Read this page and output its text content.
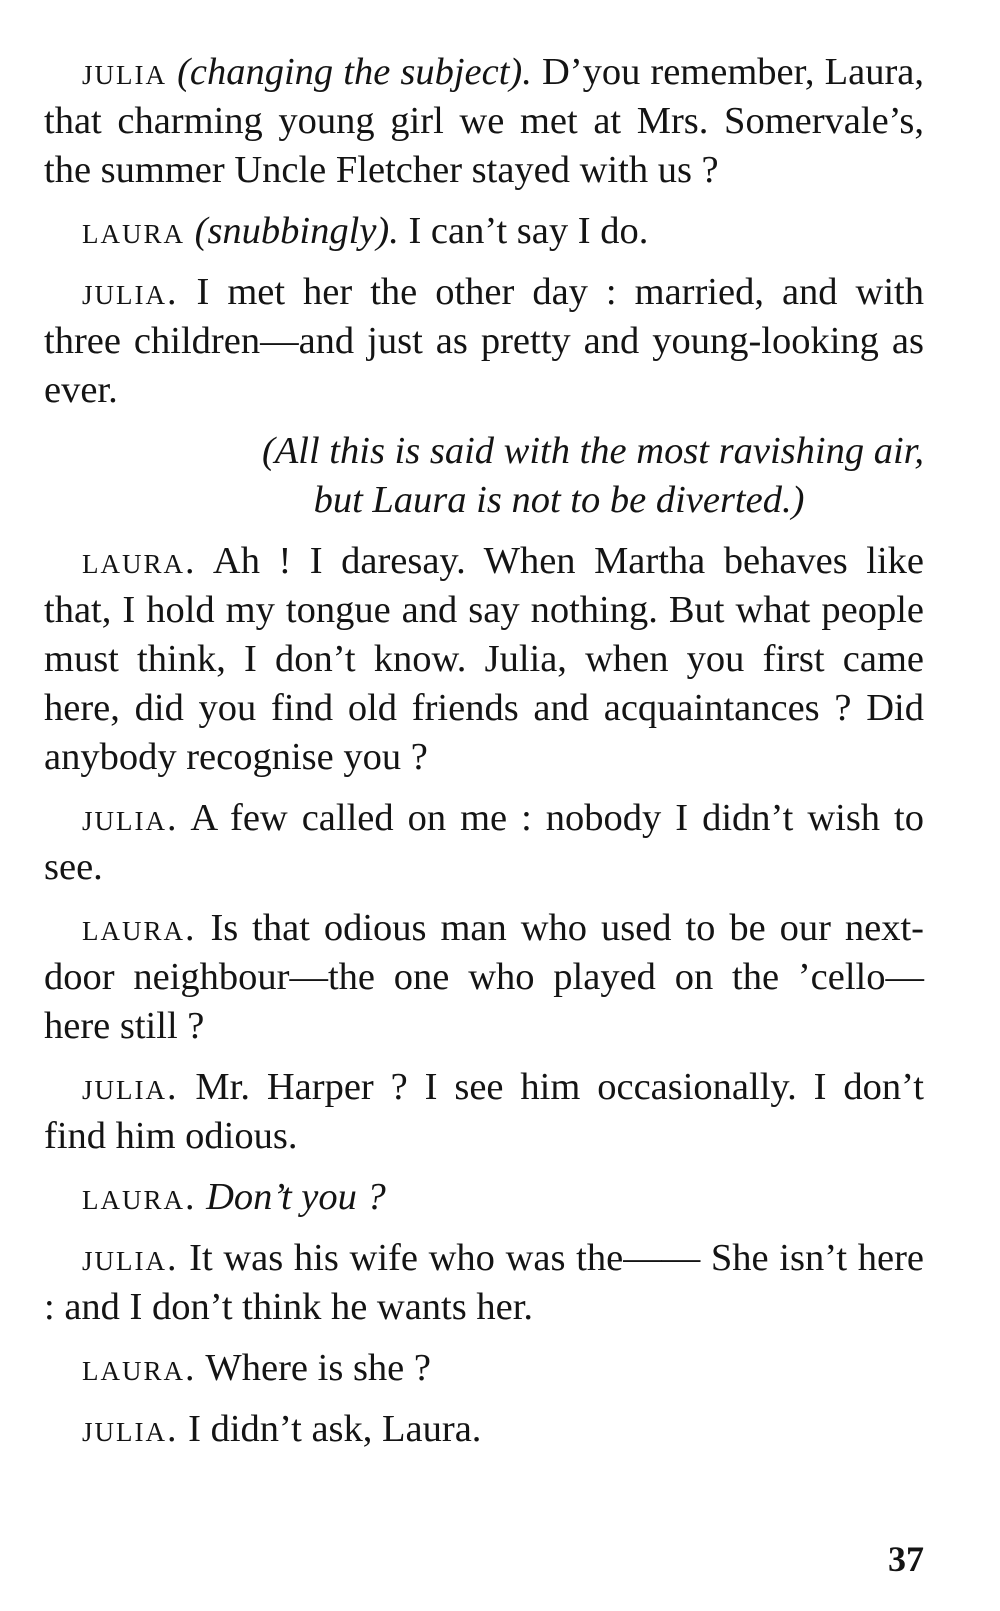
julia (changing the subject). D’you remember, Laura, that charming young girl we met at Mrs. Somervale’s, the summer Uncle Fletcher stayed with us ?

laura (snubbingly). I can’t say I do.

julia. I met her the other day : married, and with three children—and just as pretty and young-looking as ever.

(All this is said with the most ravishing air,
but Laura is not to be diverted.)

laura. Ah ! I daresay. When Martha behaves like that, I hold my tongue and say nothing. But what people must think, I don’t know. Julia, when you first came here, did you find old friends and acquaintances ? Did anybody recognise you ?

julia. A few called on me : nobody I didn’t wish to see.

laura. Is that odious man who used to be our next-door neighbour—the one who played on the ’cello—here still ?

julia. Mr. Harper ? I see him occasionally. I don’t find him odious.

laura. Don’t you ?

julia. It was his wife who was the—— She isn’t here : and I don’t think he wants her.

laura. Where is she ?

julia. I didn’t ask, Laura.

37
